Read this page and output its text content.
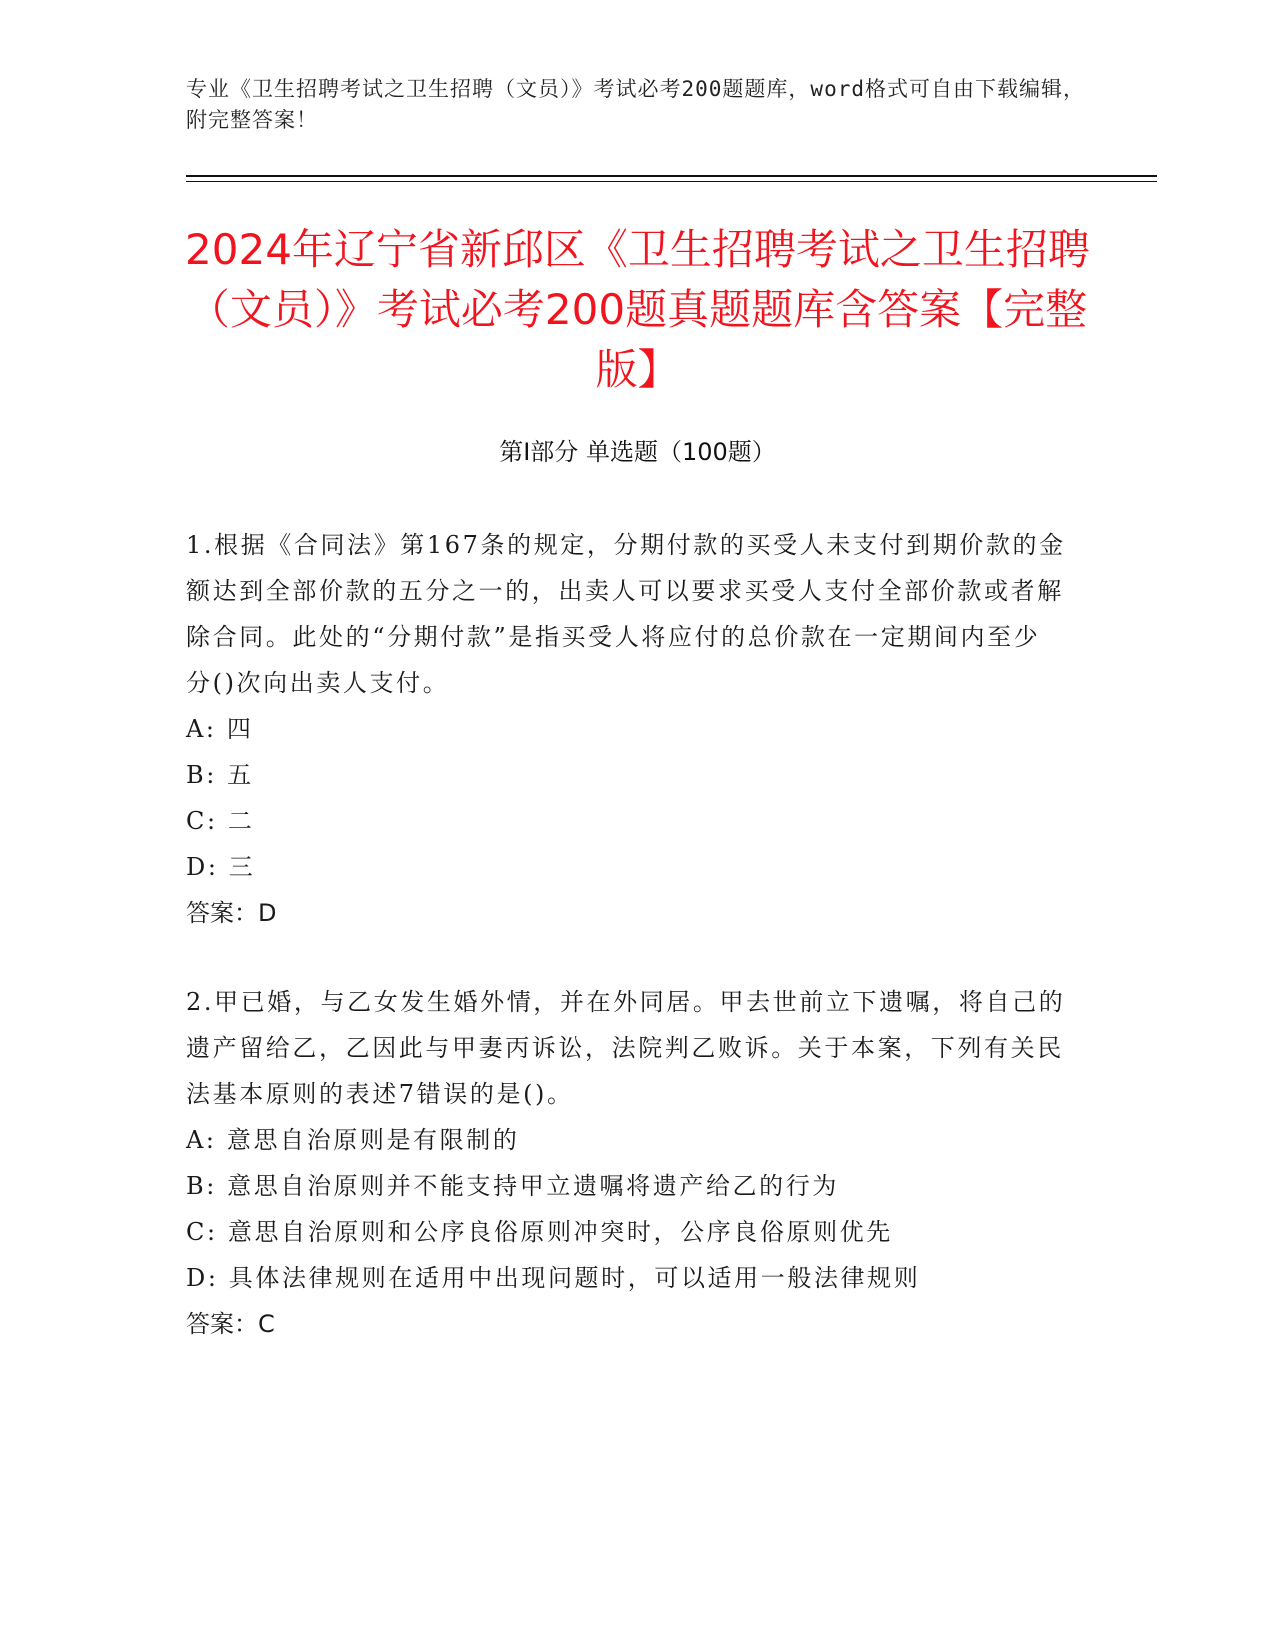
专业《卫生招聘考试之卫生招聘（文员）》考试必考200题题库，word格式可自由下载编辑，附完整答案！
2024年辽宁省新邱区《卫生招聘考试之卫生招聘（文员）》考试必考200题真题题库含答案【完整版】
第Ⅰ部分 单选题（100题）

1.根据《合同法》第167条的规定，分期付款的买受人未支付到期价款的金额达到全部价款的五分之一的，出卖人可以要求买受人支付全部价款或者解除合同。此处的“分期付款”是指买受人将应付的总价款在一定期间内至少分()次向出卖人支付。

A: 四

B: 五

C: 二

D: 三

答案：D

2.甲已婚，与乙女发生婚外情，并在外同居。甲去世前立下遗嘱，将自己的遗产留给乙，乙因此与甲妻丙诉讼，法院判乙败诉。关于本案，下列有关民法基本原则的表述7错误的是()。

A: 意思自治原则是有限制的

B: 意思自治原则并不能支持甲立遗嘱将遗产给乙的行为

C: 意思自治原则和公序良俗原则冲突时，公序良俗原则优先

D: 具体法律规则在适用中出现问题时，可以适用一般法律规则

答案：C
